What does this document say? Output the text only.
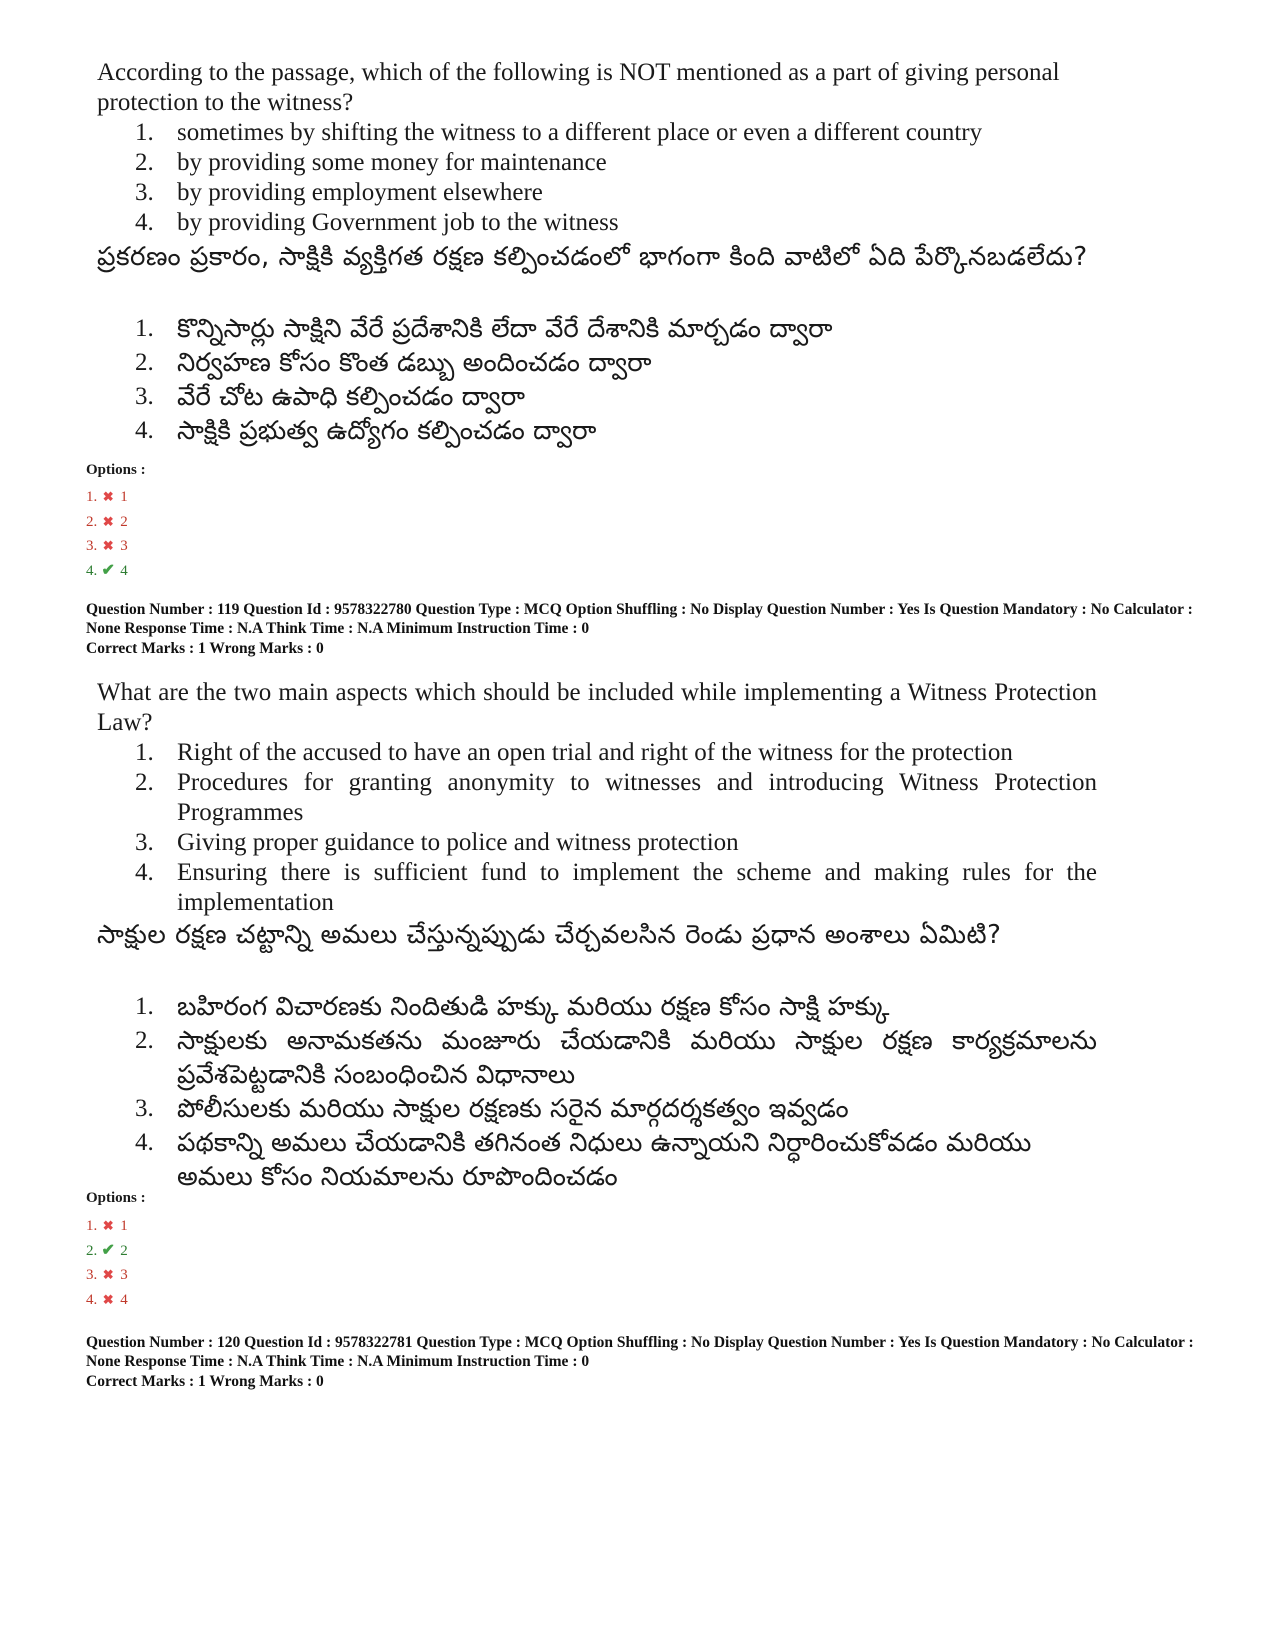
According to the passage, which of the following is NOT mentioned as a part of giving personal protection to the witness?
1. sometimes by shifting the witness to a different place or even a different country
2. by providing some money for maintenance
3. by providing employment elsewhere
4. by providing Government job to the witness
ప్రకరణం ప్రకారం, సాక్షికి వ్యక్తిగత రక్షణ కల్పించడంలో భాగంగా కింది వాటిలో ఏది పేర్కొనబడలేదు?
1. కొన్నిసార్లు సాక్షిని వేరే ప్రదేశానికి లేదా వేరే దేశానికి మార్చడం ద్వారా
2. నిర్వహణ కోసం కొంత డబ్బు అందించడం ద్వారా
3. వేరే చోట ఉపాధి కల్పించడం ద్వారా
4. సాక్షికి ప్రభుత్వ ఉద్యోగం కల్పించడం ద్వారా
Options :
1. ✖ 1
2. ✖ 2
3. ✖ 3
4. ✔ 4
Question Number : 119 Question Id : 9578322780 Question Type : MCQ Option Shuffling : No Display Question Number : Yes Is Question Mandatory : No Calculator : None Response Time : N.A Think Time : N.A Minimum Instruction Time : 0
Correct Marks : 1 Wrong Marks : 0
What are the two main aspects which should be included while implementing a Witness Protection Law?
1. Right of the accused to have an open trial and right of the witness for the protection
2. Procedures for granting anonymity to witnesses and introducing Witness Protection Programmes
3. Giving proper guidance to police and witness protection
4. Ensuring there is sufficient fund to implement the scheme and making rules for the implementation
సాక్షుల రక్షణ చట్టాన్ని అమలు చేస్తున్నప్పుడు చేర్చవలసిన రెండు ప్రధాన అంశాలు ఏమిటి?
1. బహిరంగ విచారణకు నిందితుడి హక్కు మరియు రక్షణ కోసం సాక్షి హక్కు
2. సాక్షులకు అనామకతను మంజూరు చేయడానికి మరియు సాక్షుల రక్షణ కార్యక్రమాలను ప్రవేశపెట్టడానికి సంబంధించిన విధానాలు
3. పోలీసులకు మరియు సాక్షుల రక్షణకు సరైన మార్గదర్శకత్వం ఇవ్వడం
4. పథకాన్ని అమలు చేయడానికి తగినంత నిధులు ఉన్నాయని నిర్ధారించుకోవడం మరియు అమలు కోసం నియమాలను రూపొందించడం
Options :
1. ✖ 1
2. ✔ 2
3. ✖ 3
4. ✖ 4
Question Number : 120 Question Id : 9578322781 Question Type : MCQ Option Shuffling : No Display Question Number : Yes Is Question Mandatory : No Calculator : None Response Time : N.A Think Time : N.A Minimum Instruction Time : 0
Correct Marks : 1 Wrong Marks : 0
